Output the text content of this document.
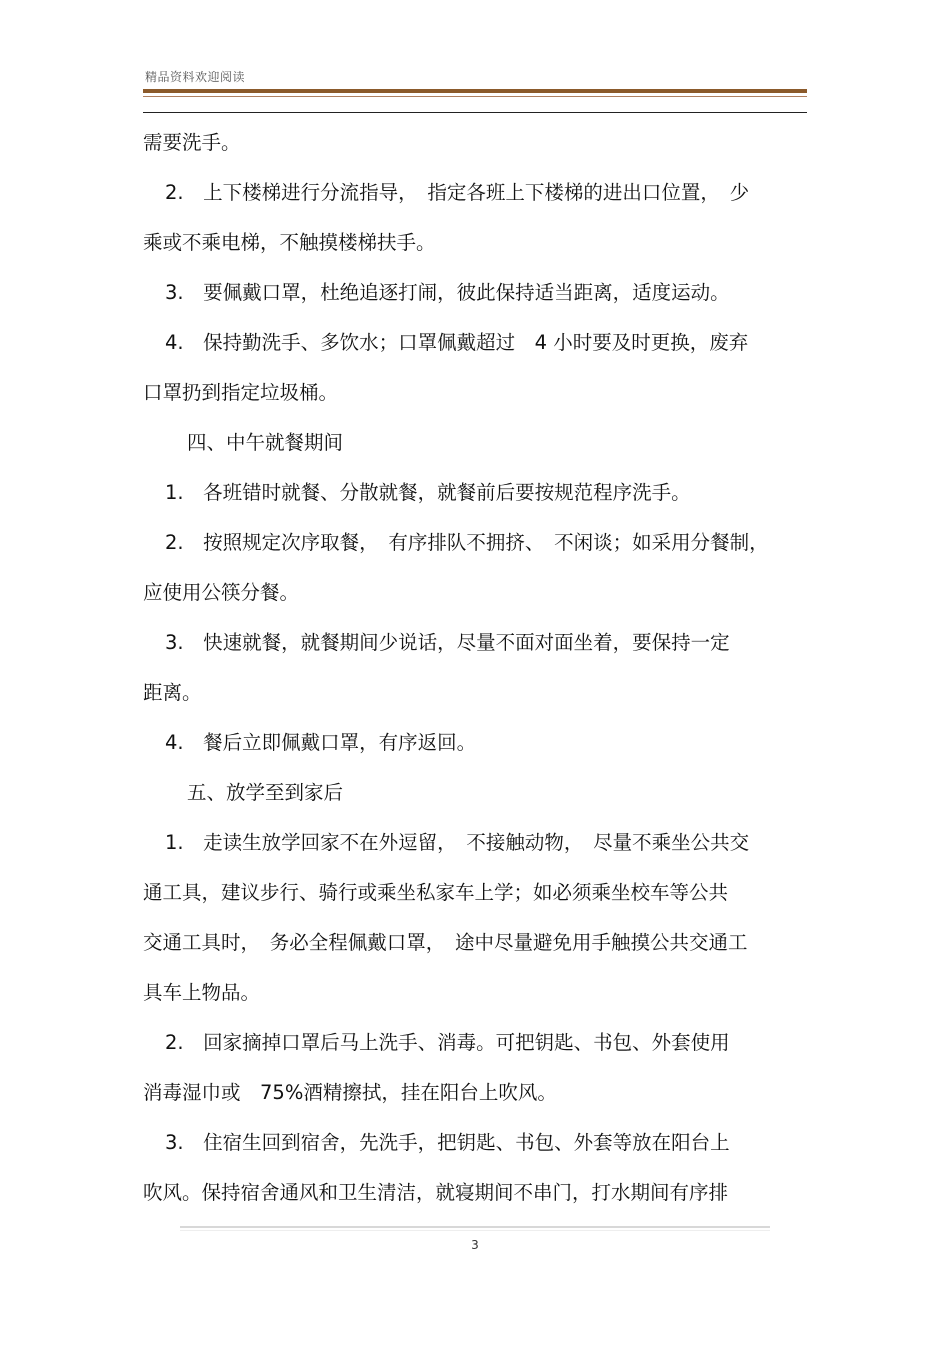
精品资料欢迎阅读
需要洗手。
2.　上下楼梯进行分流指导，　指定各班上下楼梯的进出口位置，　少
乘或不乘电梯，不触摸楼梯扶手。
3.　要佩戴口罩，杜绝追逐打闹，彼此保持适当距离，适度运动。
4.　保持勤洗手、多饮水；口罩佩戴超过　4 小时要及时更换，废弃
口罩扔到指定垃圾桶。
四、中午就餐期间
1.　各班错时就餐、分散就餐，就餐前后要按规范程序洗手。
2.　按照规定次序取餐，　有序排队不拥挤、　不闲谈；如采用分餐制，
应使用公筷分餐。
3.　快速就餐，就餐期间少说话，尽量不面对面坐着，要保持一定
距离。
4.　餐后立即佩戴口罩，有序返回。
五、放学至到家后
1.　走读生放学回家不在外逗留，　不接触动物，　尽量不乘坐公共交
通工具，建议步行、骑行或乘坐私家车上学；如必须乘坐校车等公共
交通工具时，　务必全程佩戴口罩，　途中尽量避免用手触摸公共交通工
具车上物品。
2.　回家摘掉口罩后马上洗手、消毒。可把钥匙、书包、外套使用
消毒湿巾或　75%酒精擦拭，挂在阳台上吹风。
3.　住宿生回到宿舍，先洗手，把钥匙、书包、外套等放在阳台上
吹风。保持宿舍通风和卫生清洁，就寝期间不串门，打水期间有序排
3
